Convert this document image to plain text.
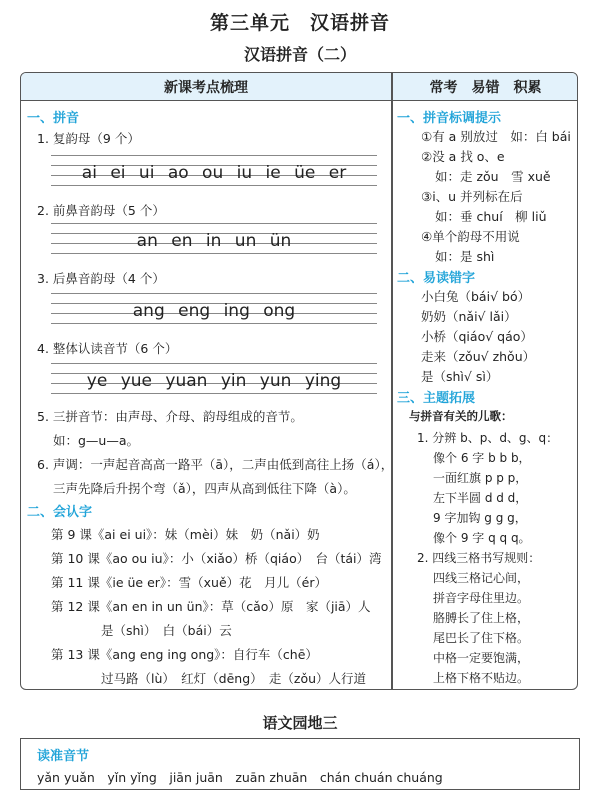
第三单元　汉语拼音
汉语拼音（二）
新课考点梳理	常考　易错　积累
一、拼音
1. 复韵母（9 个）
ai ei ui ao ou iu ie üe er
2. 前鼻音韵母（5 个）
an en in un ün
3. 后鼻音韵母（4 个）
ang eng ing ong
4. 整体认读音节（6 个）
ye yue yuan yin yun ying
5. 三拼音节：由声母、介母、韵母组成的音节。
如：g—u—a。
6. 声调：一声起音高高一路平（ā），二声由低到高往上扬（á），
三声先降后升拐个弯（ǎ），四声从高到低往下降（à）。
二、会认字
第 9 课《ai ei ui》：妹（mèi）妹　奶（nǎi）奶
第 10 课《ao ou iu》：小（xiǎo）桥（qiáo）　台（tái）湾
第 11 课《ie üe er》：雪（xuě）花　月儿（ér）
第 12 课《an en in un ün》：草（cǎo）原　家（jiā）人
是（shì）　白（bái）云
第 13 课《ang eng ing ong》：自行车（chē）
过马路（lù）　红灯（dēng）　走（zǒu）人行道
一、拼音标调提示
①有 a 别放过　如：白 bái
②没 a 找 o、e
如：走 zǒu　雪 xuě
③i、u 并列标在后
如：垂 chuí　柳 liǔ
④单个韵母不用说
如：是 shì
二、易读错字
小白兔（bái√ bó）
奶奶（nǎi√ lǎi）
小桥（qiáo√ qáo）
走来（zǒu√ zhǒu）
是（shì√ sì）
三、主题拓展
与拼音有关的儿歌：
1. 分辨 b、p、d、g、q：
像个 6 字 b b b，
一面红旗 p p p，
左下半圆 d d d，
9 字加钩 g g g，
像个 9 字 q q q。
2. 四线三格书写规则：
四线三格记心间，
拼音字母住里边。
胳膊长了住上格，
尾巴长了住下格。
中格一定要饱满，
上格下格不贴边。
语文园地三
读准音节
yǎn yuǎn　yǐn yǐng　jiān juān　zuān zhuān　chán chuán chuáng
